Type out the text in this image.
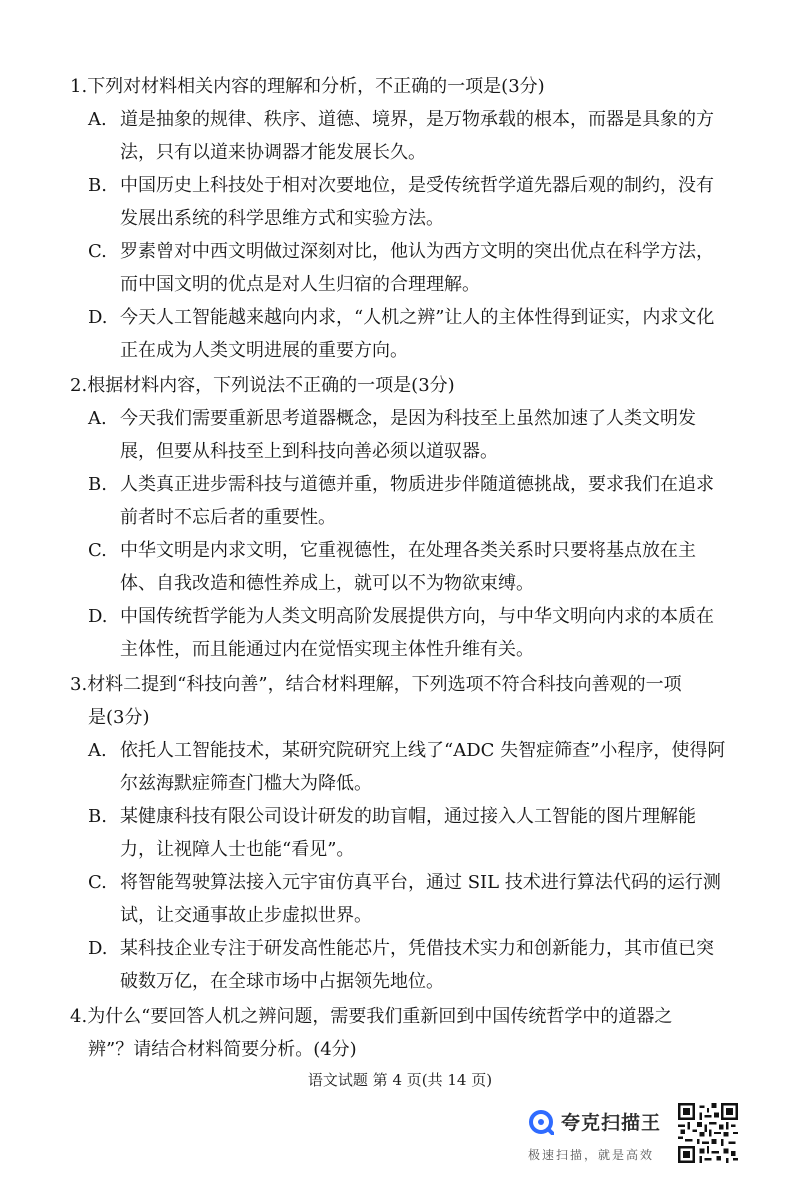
1.下列对材料相关内容的理解和分析，不正确的一项是(3分)
A. 道是抽象的规律、秩序、道德、境界，是万物承载的根本，而器是具象的方法，只有以道来协调器才能发展长久。
B. 中国历史上科技处于相对次要地位，是受传统哲学道先器后观的制约，没有发展出系统的科学思维方式和实验方法。
C. 罗素曾对中西文明做过深刻对比，他认为西方文明的突出优点在科学方法，而中国文明的优点是对人生归宿的合理理解。
D. 今天人工智能越来越向内求，“人机之辨”让人的主体性得到证实，内求文化正在成为人类文明进展的重要方向。
2.根据材料内容，下列说法不正确的一项是(3分)
A. 今天我们需要重新思考道器概念，是因为科技至上虽然加速了人类文明发展，但要从科技至上到科技向善必须以道驭器。
B. 人类真正进步需科技与道德并重，物质进步伴随道德挑战，要求我们在追求前者时不忘后者的重要性。
C. 中华文明是内求文明，它重视德性，在处理各类关系时只要将基点放在主体、自我改造和德性养成上，就可以不为物欲束缚。
D. 中国传统哲学能为人类文明高阶发展提供方向，与中华文明向内求的本质在主体性，而且能通过内在觉悟实现主体性升维有关。
3.材料二提到“科技向善”，结合材料理解，下列选项不符合科技向善观的一项
是(3分)
A. 依托人工智能技术，某研究院研究上线了“ADC 失智症筛查”小程序，使得阿尔兹海默症筛查门槛大为降低。
B. 某健康科技有限公司设计研发的助盲帽，通过接入人工智能的图片理解能力，让视障人士也能“看见”。
C. 将智能驾驶算法接入元宇宙仿真平台，通过 SIL 技术进行算法代码的运行测试，让交通事故止步虚拟世界。
D. 某科技企业专注于研发高性能芯片，凭借技术实力和创新能力，其市值已突破数万亿，在全球市场中占据领先地位。
4.为什么“要回答人机之辨问题，需要我们重新回到中国传统哲学中的道器之
辨”？请结合材料简要分析。(4分)
语文试题 第 4 页(共 14 页)
夸克扫描王
极速扫描，就是高效
